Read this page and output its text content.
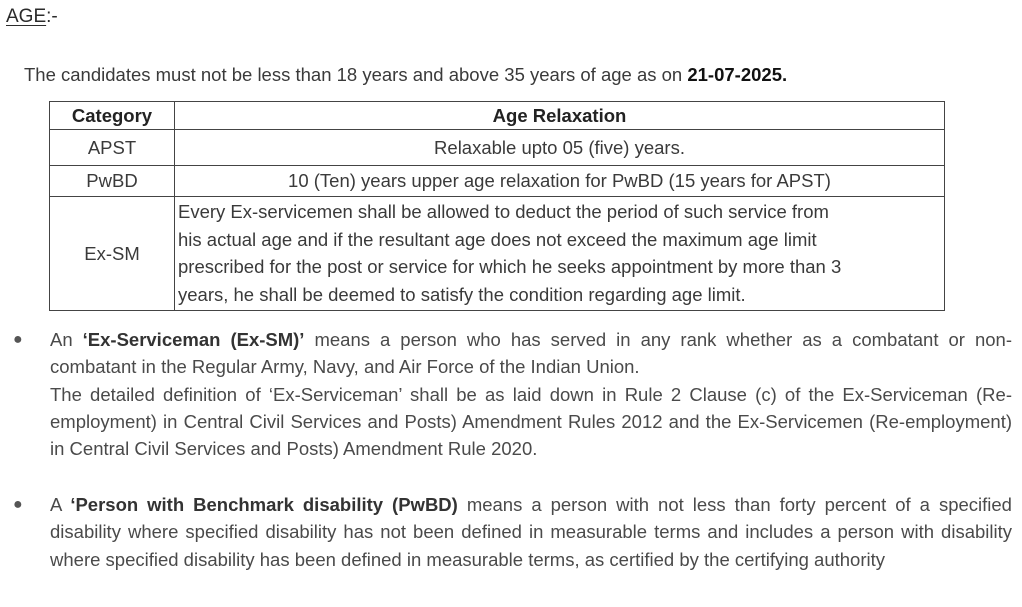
AGE:-
The candidates must not be less than 18 years and above 35 years of age as on 21-07-2025.
Category	Age Relaxation
APST	Relaxable upto 05 (five) years.
PwBD	10 (Ten) years upper age relaxation for PwBD (15 years for APST)
Ex-SM	Every Ex-servicemen shall be allowed to deduct the period of such service from
his actual age and if the resultant age does not exceed the maximum age limit
prescribed for the post or service for which he seeks appointment by more than 3
years, he shall be deemed to satisfy the condition regarding age limit.
● An ‘Ex-Serviceman (Ex-SM)’ means a person who has served in any rank whether as a combatant or non-combatant in the Regular Army, Navy, and Air Force of the Indian Union.
The detailed definition of ‘Ex-Serviceman’ shall be as laid down in Rule 2 Clause (c) of the Ex-Serviceman (Re-employment) in Central Civil Services and Posts) Amendment Rules 2012 and the Ex-Servicemen (Re-employment) in Central Civil Services and Posts) Amendment Rule 2020.
● A ‘Person with Benchmark disability (PwBD) means a person with not less than forty percent of a specified disability where specified disability has not been defined in measurable terms and includes a person with disability where specified disability has been defined in measurable terms, as certified by the certifying authority
